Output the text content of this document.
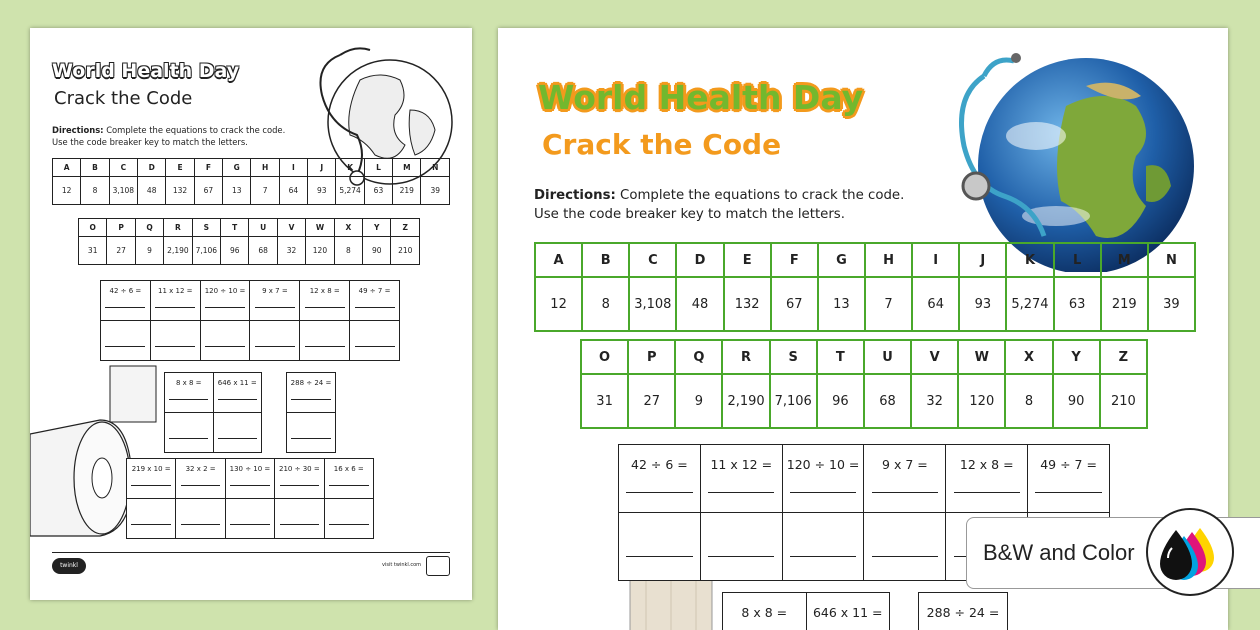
World Health Day
Crack the Code
Directions: Complete the equations to crack the code.
Use the code breaker key to match the letters.
A	B	C	D	E	F	G	H	I	J	K	L	M	N
12	8	3,108	48	132	67	13	7	64	93	5,274	63	219	39
O	P	Q	R	S	T	U	V	W	X	Y	Z
31	27	9	2,190	7,106	96	68	32	120	8	90	210
42 ÷ 6 =	11 x 12 =	120 ÷ 10 =	9 x 7 =	12 x 8 =	49 ÷ 7 =

8 x 8 =	646 x 11 =

		288 ÷ 24 =

219 x 10 =	32 x 2 =	130 ÷ 10 =	210 ÷ 30 =	16 x 6 =

twinkl	visit twinkl.com
World Health Day
Crack the Code
Directions: Complete the equations to crack the code.
Use the code breaker key to match the letters.
A	B	C	D	E	F	G	H	I	J	K	L	M	N
12	8	3,108	48	132	67	13	7	64	93	5,274	63	219	39
O	P	Q	R	S	T	U	V	W	X	Y	Z
31	27	9	2,190	7,106	96	68	32	120	8	90	210
42 ÷ 6 =	11 x 12 =	120 ÷ 10 =	9 x 7 =	12 x 8 =	49 ÷ 7 =

8 x 8 =	646 x 11 =

		288 ÷ 24 =

B&W and Color
